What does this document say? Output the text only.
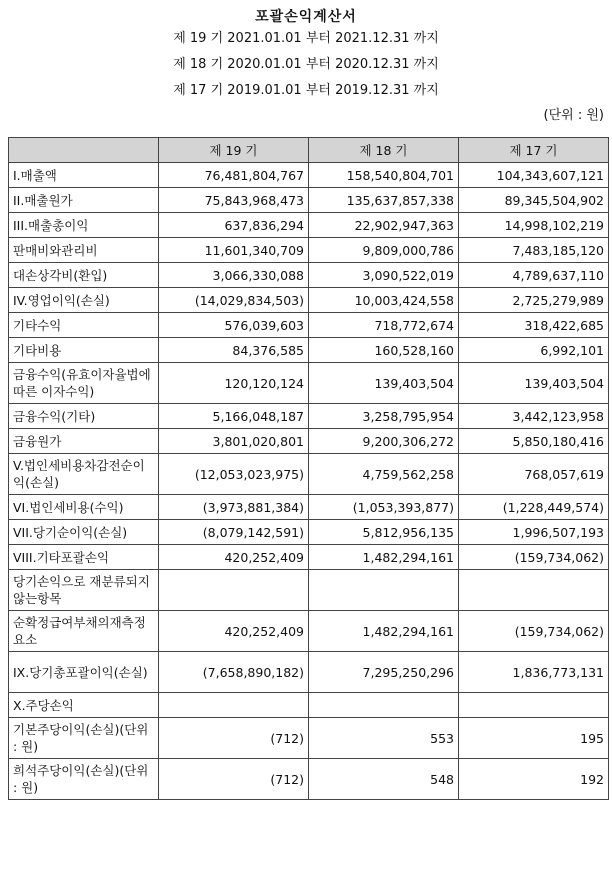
포괄손익계산서
제 19 기 2021.01.01 부터 2021.12.31 까지
제 18 기 2020.01.01 부터 2020.12.31 까지
제 17 기 2019.01.01 부터 2019.12.31 까지
(단위 : 원)
	제 19 기	제 18 기	제 17 기
I.매출액	76,481,804,767	158,540,804,701	104,343,607,121
II.매출원가	75,843,968,473	135,637,857,338	89,345,504,902
III.매출총이익	637,836,294	22,902,947,363	14,998,102,219
판매비와관리비	11,601,340,709	9,809,000,786	7,483,185,120
대손상각비(환입)	3,066,330,088	3,090,522,019	4,789,637,110
IV.영업이익(손실)	(14,029,834,503)	10,003,424,558	2,725,279,989
기타수익	576,039,603	718,772,674	318,422,685
기타비용	84,376,585	160,528,160	6,992,101
금융수익(유효이자율법에 따른 이자수익)	120,120,124	139,403,504	139,403,504
금융수익(기타)	5,166,048,187	3,258,795,954	3,442,123,958
금융원가	3,801,020,801	9,200,306,272	5,850,180,416
V.법인세비용차감전순이익(손실)	(12,053,023,975)	4,759,562,258	768,057,619
VI.법인세비용(수익)	(3,973,881,384)	(1,053,393,877)	(1,228,449,574)
VII.당기순이익(손실)	(8,079,142,591)	5,812,956,135	1,996,507,193
VIII.기타포괄손익	420,252,409	1,482,294,161	(159,734,062)
당기손익으로 재분류되지 않는항목			
순확정급여부채의재측정요소	420,252,409	1,482,294,161	(159,734,062)
IX.당기총포괄이익(손실)	(7,658,890,182)	7,295,250,296	1,836,773,131
X.주당손익			
기본주당이익(손실)(단위 : 원)	(712)	553	195
희석주당이익(손실)(단위 : 원)	(712)	548	192
